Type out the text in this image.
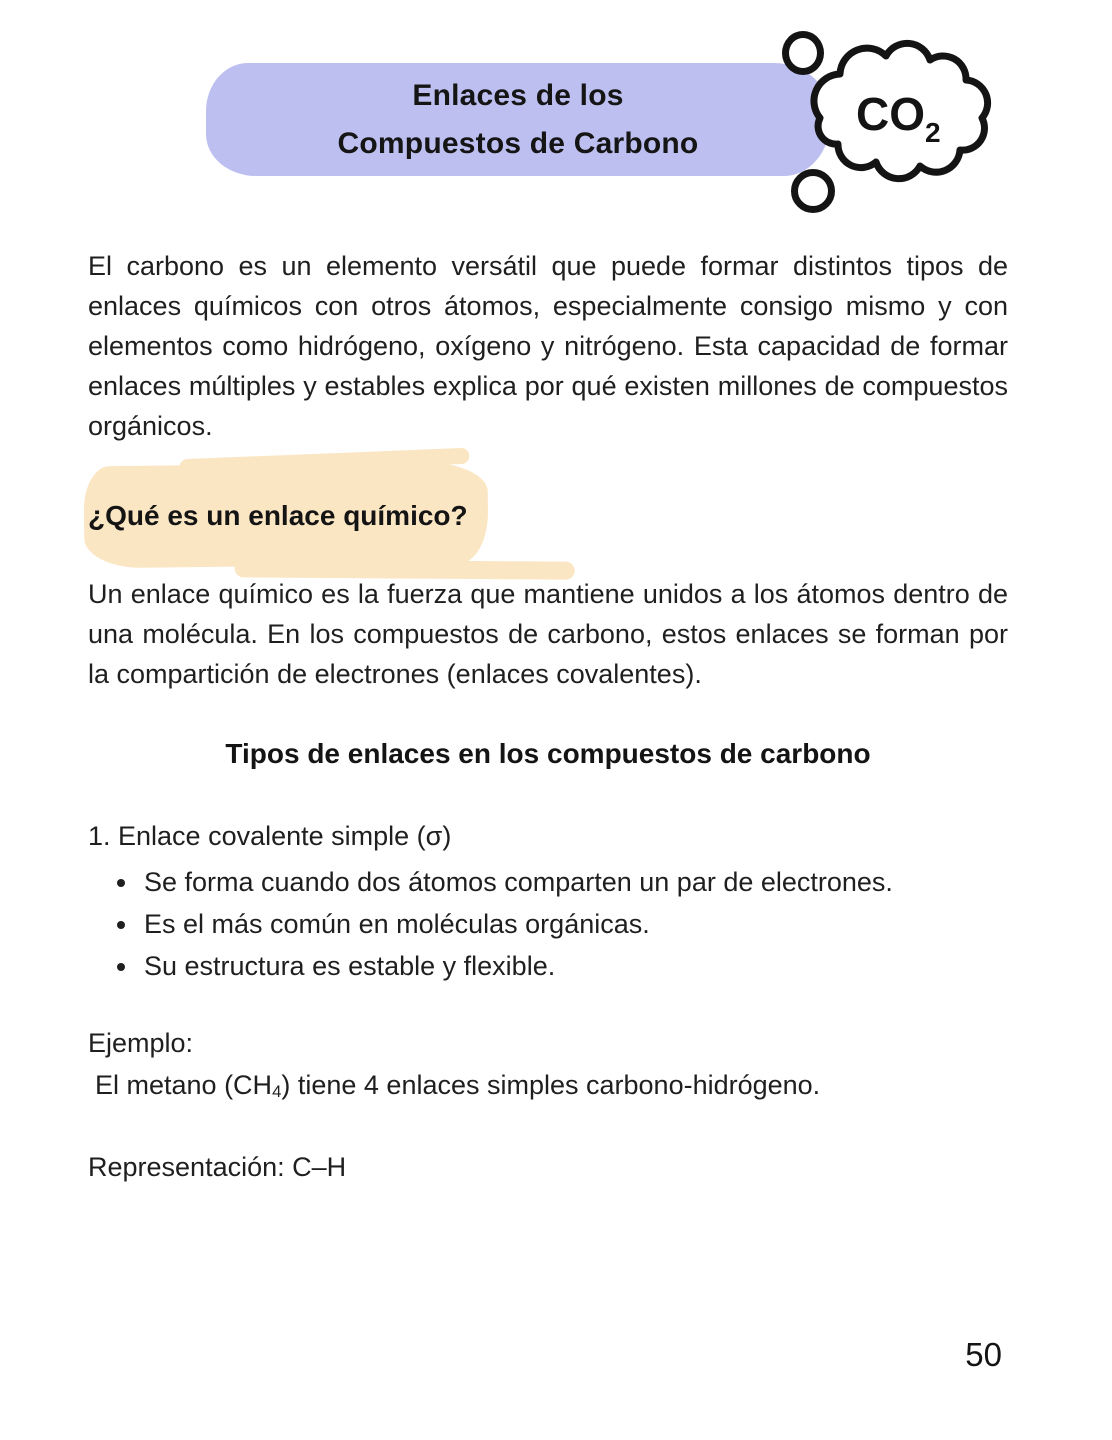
Enlaces de los
Compuestos de Carbono
$CO_2$

El carbono es un elemento versátil que puede formar distintos tipos de enlaces químicos con otros átomos, especialmente consigo mismo y con elementos como hidrógeno, oxígeno y nitrógeno. Esta capacidad de formar enlaces múltiples y estables explica por qué existen millones de compuestos orgánicos.

¿Qué es un enlace químico?

Un enlace químico es la fuerza que mantiene unidos a los átomos dentro de una molécula. En los compuestos de carbono, estos enlaces se forman por la compartición de electrones (enlaces covalentes).

Tipos de enlaces en los compuestos de carbono

1. Enlace covalente simple (σ)

• Se forma cuando dos átomos comparten un par de electrones.
• Es el más común en moléculas orgánicas.
• Su estructura es estable y flexible.

Ejemplo:

El metano $(CH_4)$ tiene 4 enlaces simples carbono-hidrógeno.

Representación: C–H

50
